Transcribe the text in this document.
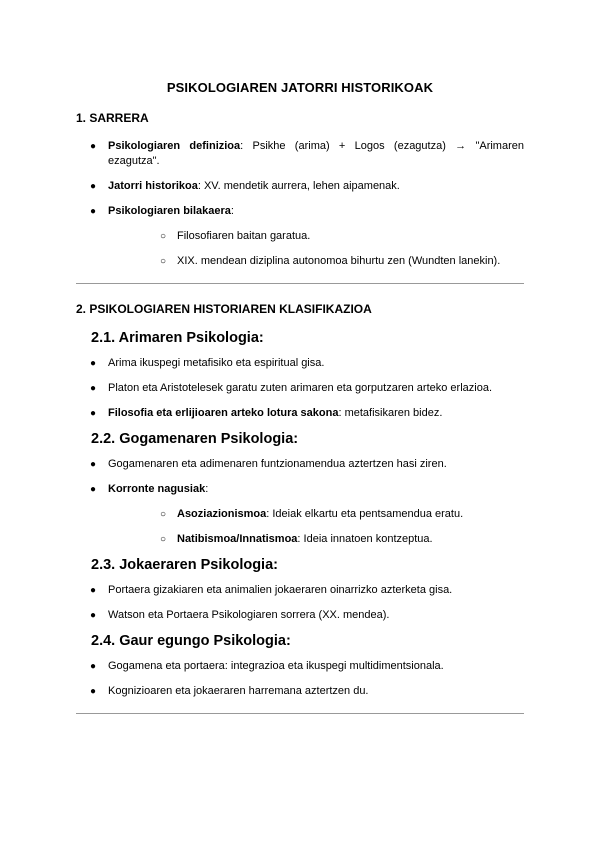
PSIKOLOGIAREN JATORRI HISTORIKOAK
1. SARRERA
● Psikologiaren definizioa: Psikhe (arima) + Logos (ezagutza) → "Arimaren ezagutza".
● Jatorri historikoa: XV. mendetik aurrera, lehen aipamenak.
● Psikologiaren bilakaera:
○ Filosofiaren baitan garatua.
○ XIX. mendean diziplina autonomoa bihurtu zen (Wundten lanekin).
2. PSIKOLOGIAREN HISTORIAREN KLASIFIKAZIOA
2.1. Arimaren Psikologia:
● Arima ikuspegi metafisiko eta espiritual gisa.
● Platon eta Aristotelesek garatu zuten arimaren eta gorputzaren arteko erlazioa.
● Filosofia eta erlijioaren arteko lotura sakona: metafisikaren bidez.
2.2. Gogamenaren Psikologia:
● Gogamenaren eta adimenaren funtzionamendua aztertzen hasi ziren.
● Korronte nagusiak:
○ Asoziazionismoa: Ideiak elkartu eta pentsamendua eratu.
○ Natibismoa/Innatismoa: Ideia innatoen kontzeptua.
2.3. Jokaeraren Psikologia:
● Portaera gizakiaren eta animalien jokaeraren oinarrizko azterketa gisa.
● Watson eta Portaera Psikologiaren sorrera (XX. mendea).
2.4. Gaur egungo Psikologia:
● Gogamena eta portaera: integrazioa eta ikuspegi multidimentsionala.
● Kognizioaren eta jokaeraren harremana aztertzen du.
